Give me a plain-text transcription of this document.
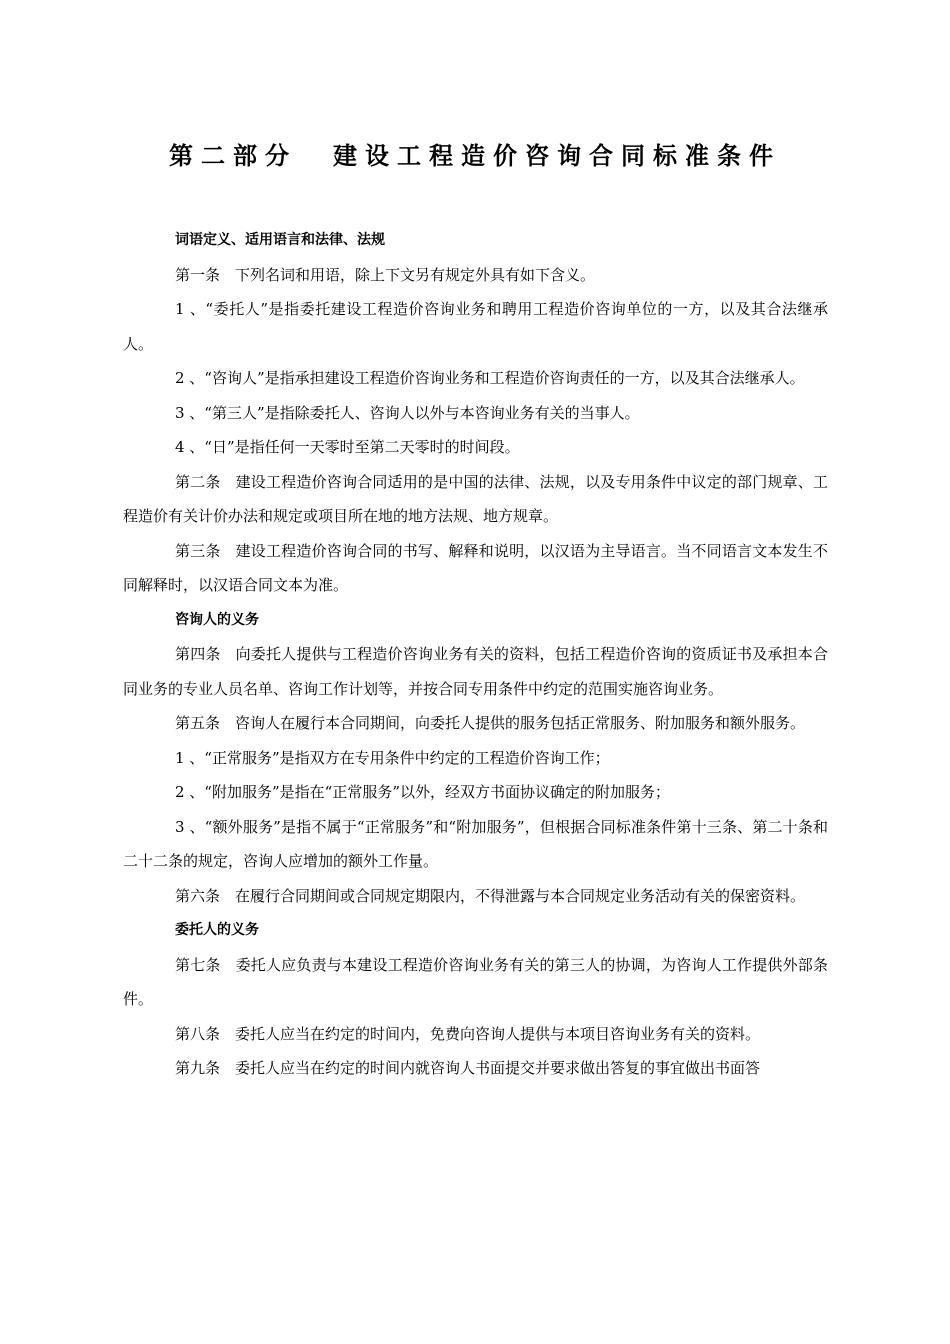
第二部分 建设工程造价咨询合同标准条件

词语定义、适用语言和法律、法规

第一条 下列名词和用语，除上下文另有规定外具有如下含义。

1 、“委托人”是指委托建设工程造价咨询业务和聘用工程造价咨询单位的一方，以及其合法继承人。

2 、“咨询人”是指承担建设工程造价咨询业务和工程造价咨询责任的一方，以及其合法继承人。

3 、“第三人”是指除委托人、咨询人以外与本咨询业务有关的当事人。

4 、“日”是指任何一天零时至第二天零时的时间段。

第二条 建设工程造价咨询合同适用的是中国的法律、法规，以及专用条件中议定的部门规章、工程造价有关计价办法和规定或项目所在地的地方法规、地方规章。

第三条 建设工程造价咨询合同的书写、解释和说明，以汉语为主导语言。当不同语言文本发生不同解释时，以汉语合同文本为准。

咨询人的义务

第四条 向委托人提供与工程造价咨询业务有关的资料，包括工程造价咨询的资质证书及承担本合同业务的专业人员名单、咨询工作计划等，并按合同专用条件中约定的范围实施咨询业务。

第五条 咨询人在履行本合同期间，向委托人提供的服务包括正常服务、附加服务和额外服务。

1 、“正常服务”是指双方在专用条件中约定的工程造价咨询工作；

2 、“附加服务”是指在“正常服务”以外，经双方书面协议确定的附加服务；

3 、“额外服务”是指不属于“正常服务”和“附加服务”，但根据合同标准条件第十三条、第二十条和二十二条的规定，咨询人应增加的额外工作量。

第六条 在履行合同期间或合同规定期限内，不得泄露与本合同规定业务活动有关的保密资料。

委托人的义务

第七条 委托人应负责与本建设工程造价咨询业务有关的第三人的协调，为咨询人工作提供外部条件。

第八条 委托人应当在约定的时间内，免费向咨询人提供与本项目咨询业务有关的资料。

第九条 委托人应当在约定的时间内就咨询人书面提交并要求做出答复的事宜做出书面答
